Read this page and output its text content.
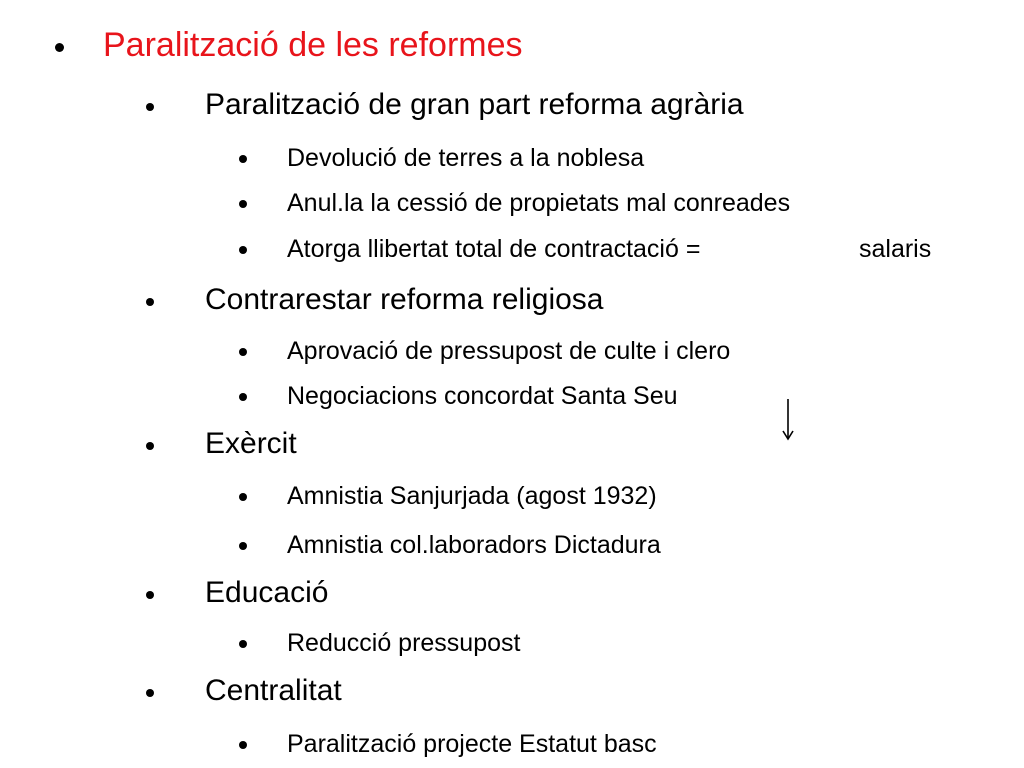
Paralització de les reformes
Paralització de gran part reforma agrària
Devolució de terres a la noblesa
Anul.la la cessió de propietats mal conreades
Atorga llibertat total de contractació =	salaris
Contrarestar reforma religiosa
Aprovació de pressupost de culte i clero
Negociacions concordat Santa Seu
Exèrcit
Amnistia Sanjurjada (agost 1932)
Amnistia col.laboradors Dictadura
Educació
Reducció pressupost
Centralitat
Paralització projecte Estatut basc
